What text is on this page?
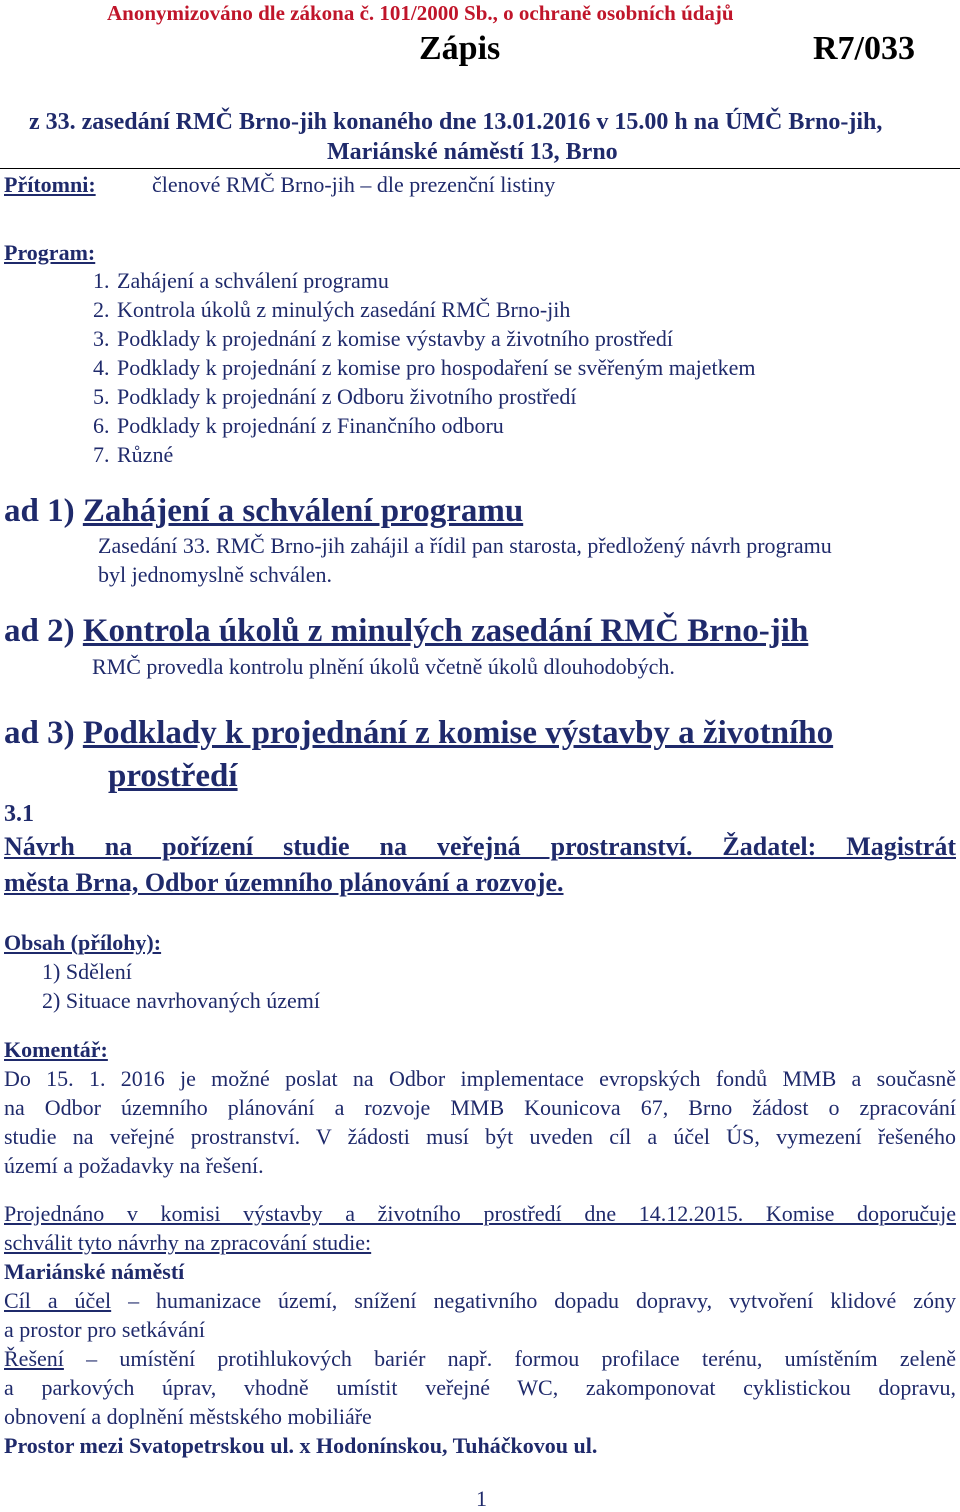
Anonymizováno dle zákona č. 101/2000 Sb., o ochraně osobních údajů
Zápis	R7/033
z 33. zasedání RMČ Brno-jih konaného dne 13.01.2016 v 15.00 h na ÚMČ Brno-jih,
Mariánské náměstí 13, Brno
Přítomni:	členové RMČ Brno-jih – dle prezenční listiny
Program:
1. Zahájení a schválení programu
2. Kontrola úkolů z minulých zasedání RMČ Brno-jih
3. Podklady k projednání z komise výstavby a životního prostředí
4. Podklady k projednání z komise pro hospodaření se svěřeným majetkem
5. Podklady k projednání z Odboru životního prostředí
6. Podklady k projednání z Finančního odboru
7. Různé
ad 1) Zahájení a schválení programu
Zasedání 33. RMČ Brno-jih zahájil a řídil pan starosta, předložený návrh programu
byl jednomyslně schválen.
ad 2) Kontrola úkolů z minulých zasedání RMČ Brno-jih
RMČ provedla kontrolu plnění úkolů včetně úkolů dlouhodobých.
ad 3) Podklady k projednání z komise výstavby a životního
prostředí
3.1
Návrh na pořízení studie na veřejná prostranství. Žadatel: Magistrát
města Brna, Odbor územního plánování a rozvoje.
Obsah (přílohy):
1) Sdělení
2) Situace navrhovaných území
Komentář:
Do 15. 1. 2016 je možné poslat na Odbor implementace evropských fondů MMB a současně
na Odbor územního plánování a rozvoje MMB Kounicova 67, Brno žádost o zpracování
studie na veřejné prostranství. V žádosti musí být uveden cíl a účel ÚS, vymezení řešeného
území a požadavky na řešení.
Projednáno v komisi výstavby a životního prostředí dne 14.12.2015. Komise doporučuje
schválit tyto návrhy na zpracování studie:
Mariánské náměstí
Cíl a účel – humanizace území, snížení negativního dopadu dopravy, vytvoření klidové zóny
a prostor pro setkávání
Řešení – umístění protihlukových bariér např. formou profilace terénu, umístěním zeleně
a parkových úprav, vhodně umístit veřejné WC, zakomponovat cyklistickou dopravu,
obnovení a doplnění městského mobiliáře
Prostor mezi Svatopetrskou ul. x Hodonínskou, Tuháčkovou ul.
1
